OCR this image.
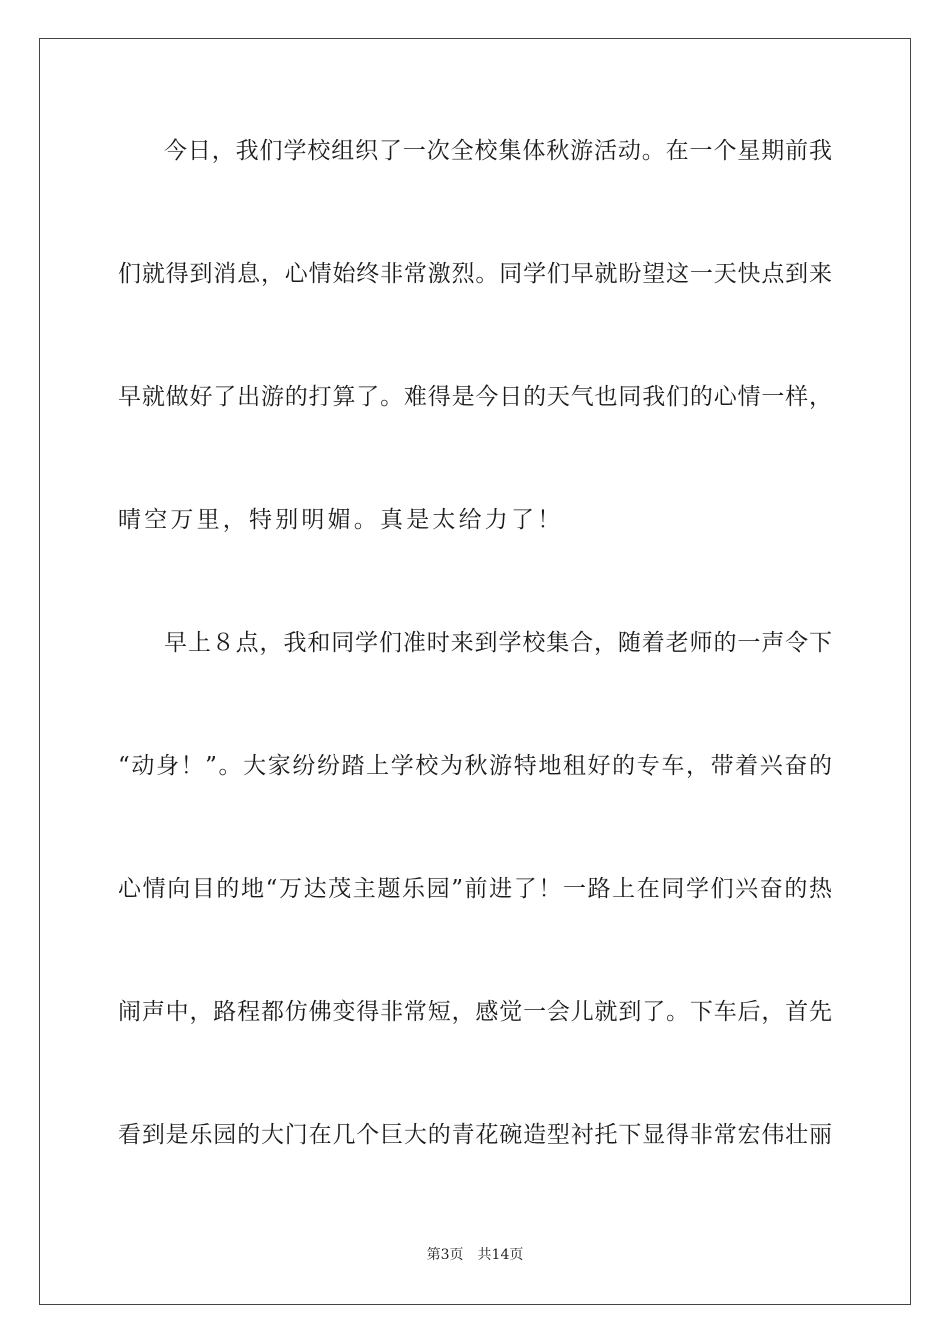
今日，我们学校组织了一次全校集体秋游活动。在一个星期前我
们就得到消息，心情始终非常激烈。同学们早就盼望这一天快点到来
早就做好了出游的打算了。难得是今日的天气也同我们的心情一样，
晴空万里，特别明媚。真是太给力了！
早上８点，我和同学们准时来到学校集合，随着老师的一声令下
“动身！”。大家纷纷踏上学校为秋游特地租好的专车，带着兴奋的
心情向目的地“万达茂主题乐园”前进了！一路上在同学们兴奋的热
闹声中，路程都仿佛变得非常短，感觉一会儿就到了。下车后，首先
看到是乐园的大门在几个巨大的青花碗造型衬托下显得非常宏伟壮丽
第3页 共14页
